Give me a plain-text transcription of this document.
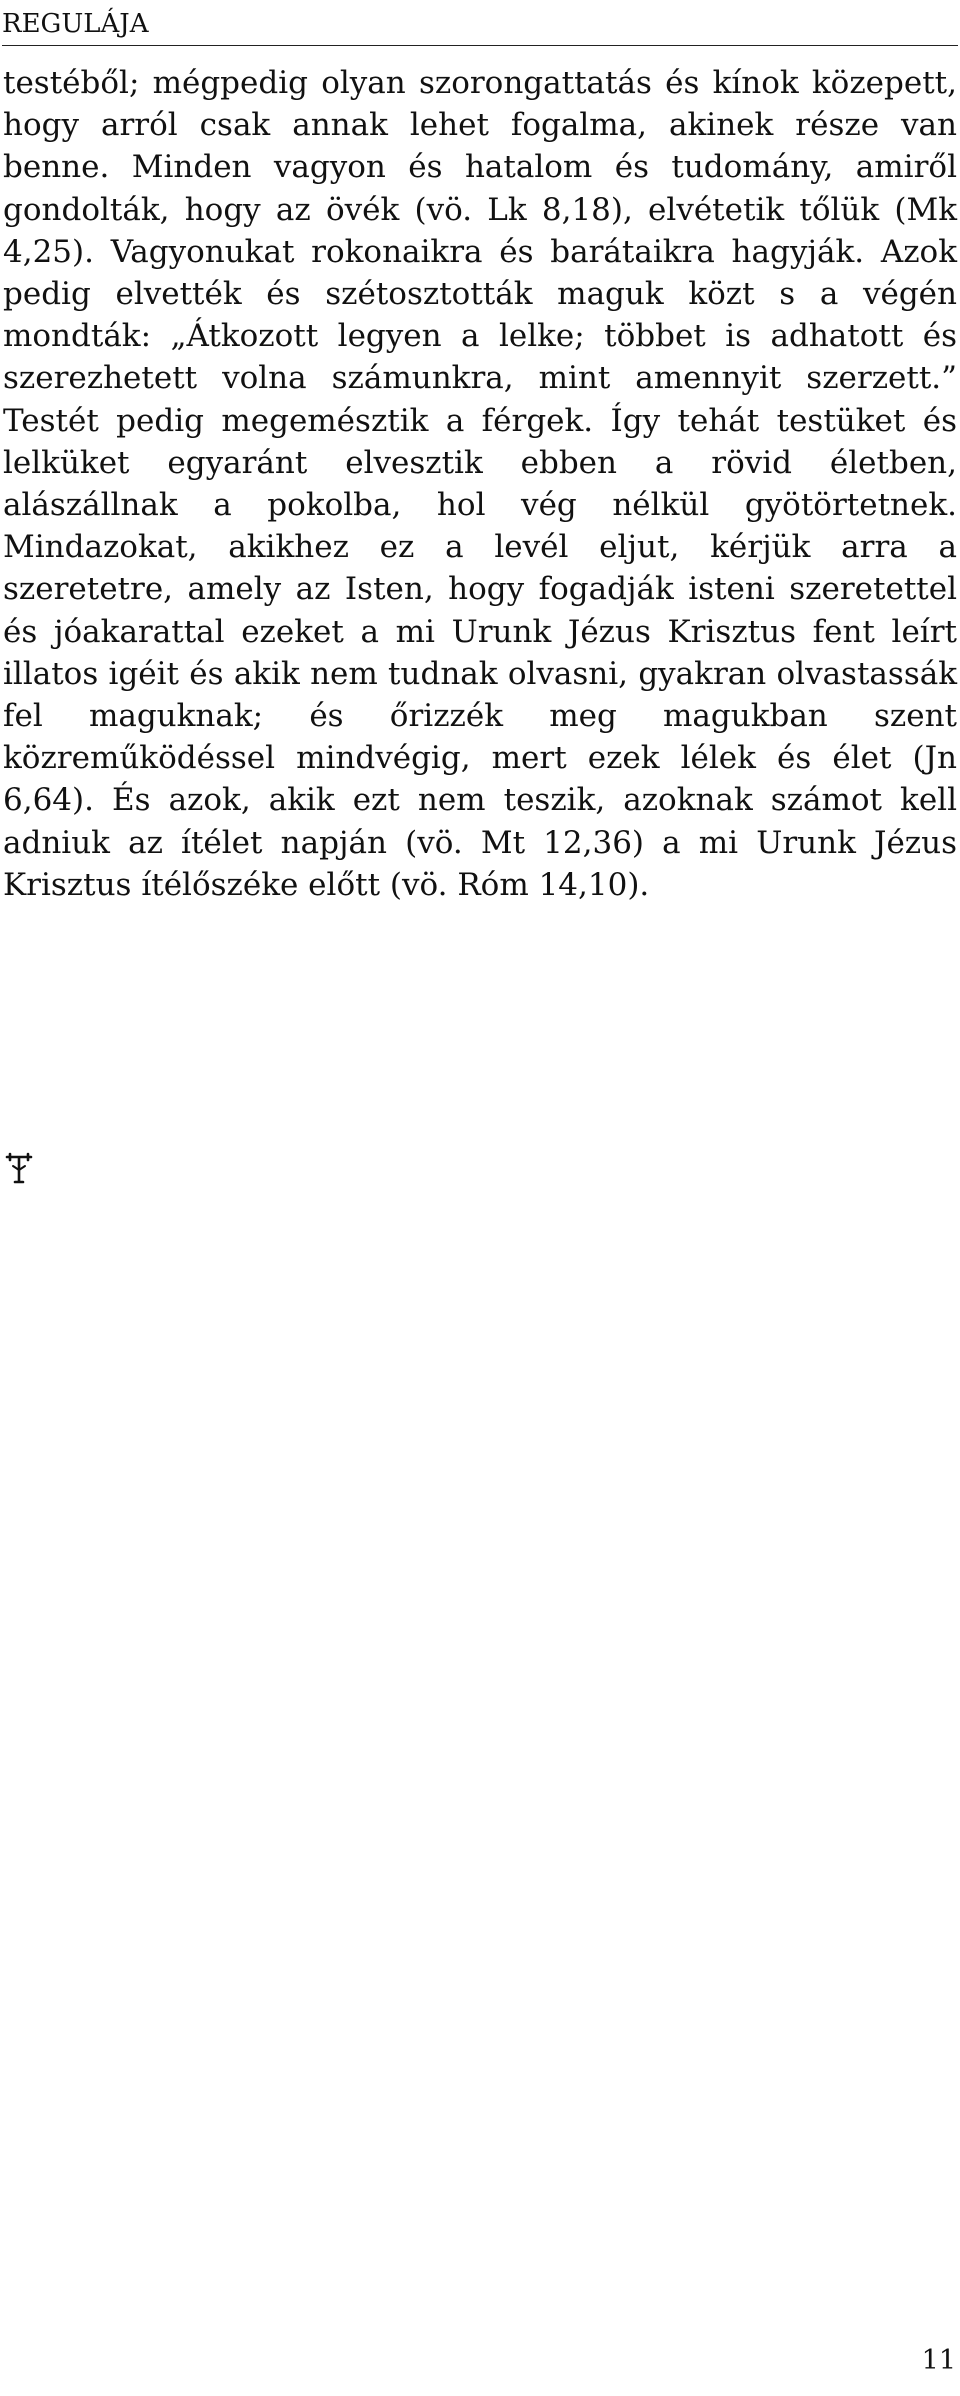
REGULÁJA

testéből; mégpedig olyan szorongattatás és kínok közepett, hogy arról csak annak lehet fogalma, akinek része van benne. Minden vagyon és hatalom és tudomány, amiről gondolták, hogy az övék (vö. Lk 8,18), elvétetik tőlük (Mk 4,25). Vagyonukat rokonaikra és barátaikra hagyják. Azok pedig elvették és szétosztották maguk közt s a végén mondták: „Átkozott legyen a lelke; többet is adhatott és szerezhetett volna számunkra, mint amennyit szerzett.” Testét pedig megemésztik a férgek. Így tehát testüket és lelküket egyaránt elvesztik ebben a rövid életben, alászállnak a pokolba, hol vég nélkül gyötörtetnek. Mindazokat, akikhez ez a levél eljut, kérjük arra a szeretetre, amely az Isten, hogy fogadják isteni szeretettel és jóakarattal ezeket a mi Urunk Jézus Krisztus fent leírt illatos igéit és akik nem tudnak olvasni, gyakran olvastassák fel maguknak; és őrizzék meg magukban szent közreműködéssel mindvégig, mert ezek lélek és élet (Jn 6,64). És azok, akik ezt nem teszik, azoknak számot kell adniuk az ítélet napján (vö. Mt 12,36) a mi Urunk Jézus Krisztus ítélőszéke előtt (vö. Róm 14,10).

11
